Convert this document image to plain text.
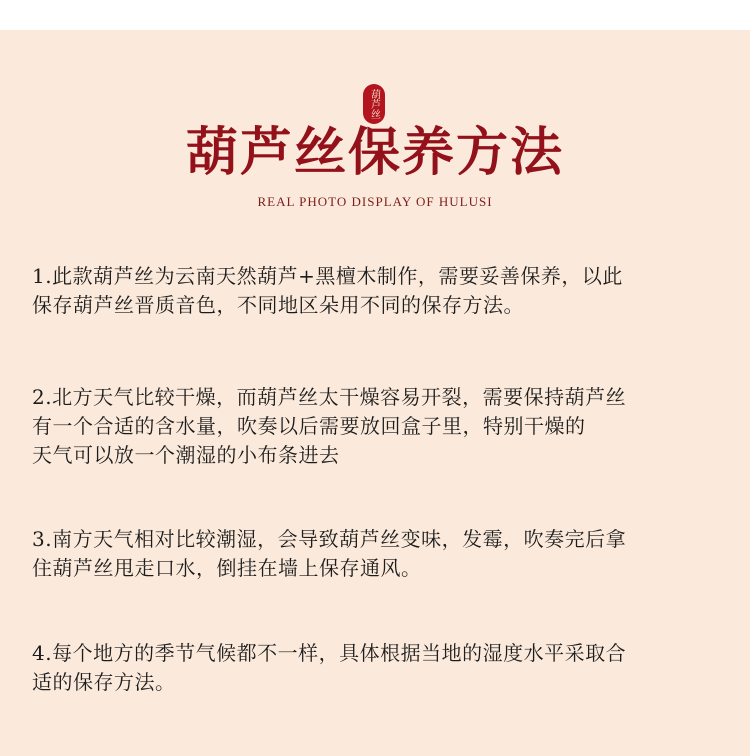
葫芦丝
葫芦丝保养方法
REAL PHOTO DISPLAY OF HULUSI
1.此款葫芦丝为云南天然葫芦+黑檀木制作，需要妥善保养，以此
保存葫芦丝晋质音色，不同地区朵用不同的保存方法。
2.北方天气比较干燥，而葫芦丝太干燥容易开裂，需要保持葫芦丝
有一个合适的含水量，吹奏以后需要放回盒子里，特别干燥的
天气可以放一个潮湿的小布条进去
3.南方天气相对比较潮湿，会导致葫芦丝变味，发霉，吹奏完后拿
住葫芦丝甩走口水，倒挂在墙上保存通风。
4.每个地方的季节气候都不一样，具体根据当地的湿度水平采取合
适的保存方法。
